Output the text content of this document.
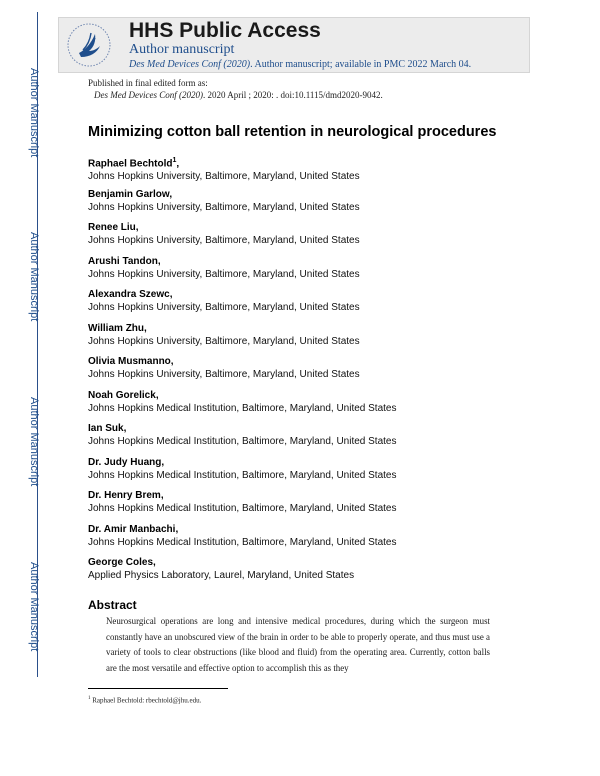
Author Manuscript
Author Manuscript
Author Manuscript
Author Manuscript
HHS Public Access
Author manuscript
Des Med Devices Conf (2020). Author manuscript; available in PMC 2022 March 04.
Published in final edited form as:
Des Med Devices Conf (2020). 2020 April ; 2020: . doi:10.1115/dmd2020-9042.
Minimizing cotton ball retention in neurological procedures
Raphael Bechtold$^1$,
Johns Hopkins University, Baltimore, Maryland, United States
Benjamin Garlow,
Johns Hopkins University, Baltimore, Maryland, United States
Renee Liu,
Johns Hopkins University, Baltimore, Maryland, United States
Arushi Tandon,
Johns Hopkins University, Baltimore, Maryland, United States
Alexandra Szewc,
Johns Hopkins University, Baltimore, Maryland, United States
William Zhu,
Johns Hopkins University, Baltimore, Maryland, United States
Olivia Musmanno,
Johns Hopkins University, Baltimore, Maryland, United States
Noah Gorelick,
Johns Hopkins Medical Institution, Baltimore, Maryland, United States
Ian Suk,
Johns Hopkins Medical Institution, Baltimore, Maryland, United States
Dr. Judy Huang,
Johns Hopkins Medical Institution, Baltimore, Maryland, United States
Dr. Henry Brem,
Johns Hopkins Medical Institution, Baltimore, Maryland, United States
Dr. Amir Manbachi,
Johns Hopkins Medical Institution, Baltimore, Maryland, United States
George Coles,
Applied Physics Laboratory, Laurel, Maryland, United States
Abstract
Neurosurgical operations are long and intensive medical procedures, during which the surgeon must constantly have an unobscured view of the brain in order to be able to properly operate, and thus must use a variety of tools to clear obstructions (like blood and fluid) from the operating area. Currently, cotton balls are the most versatile and effective option to accomplish this as they
$^1$ Raphael Bechtold: rbechtold@jhu.edu.
